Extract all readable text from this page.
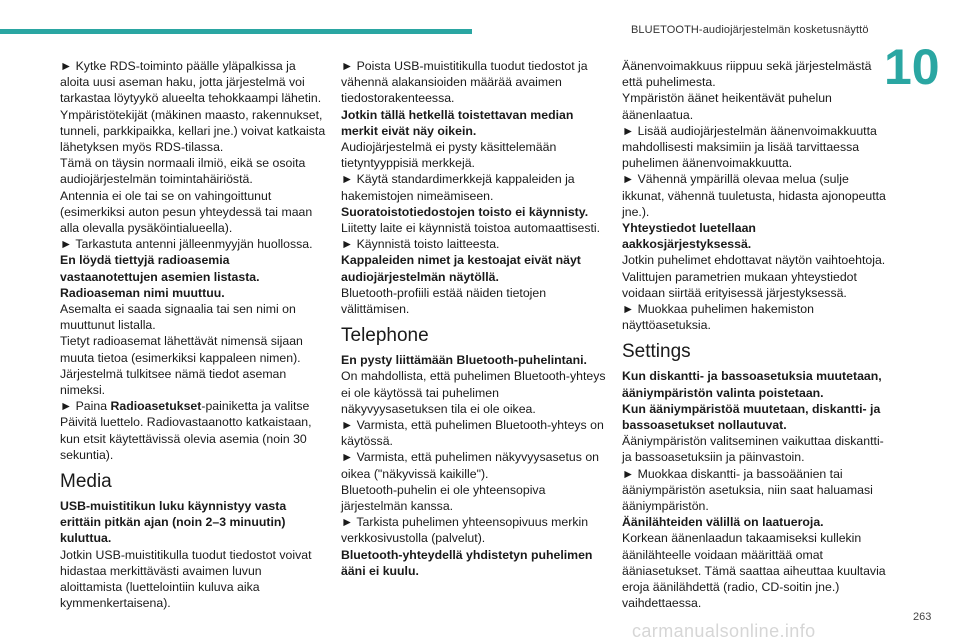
BLUETOOTH-audiojärjestelmän kosketusnäyttö
10

► Kytke RDS-toiminto päälle yläpalkissa ja aloita uusi aseman haku, jotta järjestelmä voi tarkastaa löytyykö alueelta tehokkaampi lähetin.

Ympäristötekijät (mäkinen maasto, rakennukset, tunneli, parkkipaikka, kellari jne.) voivat katkaista lähetyksen myös RDS-tilassa.

Tämä on täysin normaali ilmiö, eikä se osoita audiojärjestelmän toimintahäiriöstä.

Antennia ei ole tai se on vahingoittunut (esimerkiksi auton pesun yhteydessä tai maan alla olevalla pysäköintialueella).

► Tarkastuta antenni jälleenmyyjän huollossa.

En löydä tiettyjä radioasemia vastaanotettujen asemien listasta.

Radioaseman nimi muuttuu.

Asemalta ei saada signaalia tai sen nimi on muuttunut listalla.

Tietyt radioasemat lähettävät nimensä sijaan muuta tietoa (esimerkiksi kappaleen nimen).

Järjestelmä tulkitsee nämä tiedot aseman nimeksi.

► Paina Radioasetukset-painiketta ja valitse Päivitä luettelo. Radiovastaanotto katkaistaan, kun etsit käytettävissä olevia asemia (noin 30 sekuntia).

Media

USB-muistitikun luku käynnistyy vasta erittäin pitkän ajan (noin 2–3 minuutin) kuluttua.

Jotkin USB-muistitikulla tuodut tiedostot voivat hidastaa merkittävästi avaimen luvun aloittamista (luettelointiin kuluva aika kymmenkertaisena).

► Poista USB-muistitikulla tuodut tiedostot ja vähennä alakansioiden määrää avaimen tiedostorakenteessa.

Jotkin tällä hetkellä toistettavan median merkit eivät näy oikein.

Audiojärjestelmä ei pysty käsittelemään tietyntyyppisiä merkkejä.

► Käytä standardimerkkejä kappaleiden ja hakemistojen nimeämiseen.

Suoratoistotiedostojen toisto ei käynnisty.

Liitetty laite ei käynnistä toistoa automaattisesti.

► Käynnistä toisto laitteesta.

Kappaleiden nimet ja kestoajat eivät näyt audiojärjestelmän näytöllä.

Bluetooth-profiili estää näiden tietojen välittämisen.

Telephone

En pysty liittämään Bluetooth-puhelintani.

On mahdollista, että puhelimen Bluetooth-yhteys ei ole käytössä tai puhelimen näkyvyysasetuksen tila ei ole oikea.

► Varmista, että puhelimen Bluetooth-yhteys on käytössä.

► Varmista, että puhelimen näkyvyysasetus on oikea ("näkyvissä kaikille").

Bluetooth-puhelin ei ole yhteensopiva järjestelmän kanssa.

► Tarkista puhelimen yhteensopivuus merkin verkkosivustolla (palvelut).

Bluetooth-yhteydellä yhdistetyn puhelimen ääni ei kuulu.

Äänenvoimakkuus riippuu sekä järjestelmästä että puhelimesta.

Ympäristön äänet heikentävät puhelun äänenlaatua.

► Lisää audiojärjestelmän äänenvoimakkuutta mahdollisesti maksimiin ja lisää tarvittaessa puhelimen äänenvoimakkuutta.

► Vähennä ympärillä olevaa melua (sulje ikkunat, vähennä tuuletusta, hidasta ajonopeutta jne.).

Yhteystiedot luetellaan aakkosjärjestyksessä.

Jotkin puhelimet ehdottavat näytön vaihtoehtoja. Valittujen parametrien mukaan yhteystiedot voidaan siirtää erityisessä järjestyksessä.

► Muokkaa puhelimen hakemiston näyttöasetuksia.

Settings

Kun diskantti- ja bassoasetuksia muutetaan, ääniympäristön valinta poistetaan.

Kun ääniympäristöä muutetaan, diskantti- ja bassoasetukset nollautuvat.

Ääniympäristön valitseminen vaikuttaa diskantti- ja bassoasetuksiin ja päinvastoin.

► Muokkaa diskantti- ja bassoäänien tai ääniympäristön asetuksia, niin saat haluamasi ääniympäristön.

Äänilähteiden välillä on laatueroja.

Korkean äänenlaadun takaamiseksi kullekin äänilähteelle voidaan määrittää omat ääniasetukset. Tämä saattaa aiheuttaa kuultavia eroja äänilähdettä (radio, CD-soitin jne.) vaihdettaessa.

263
carmanualsonline.info
